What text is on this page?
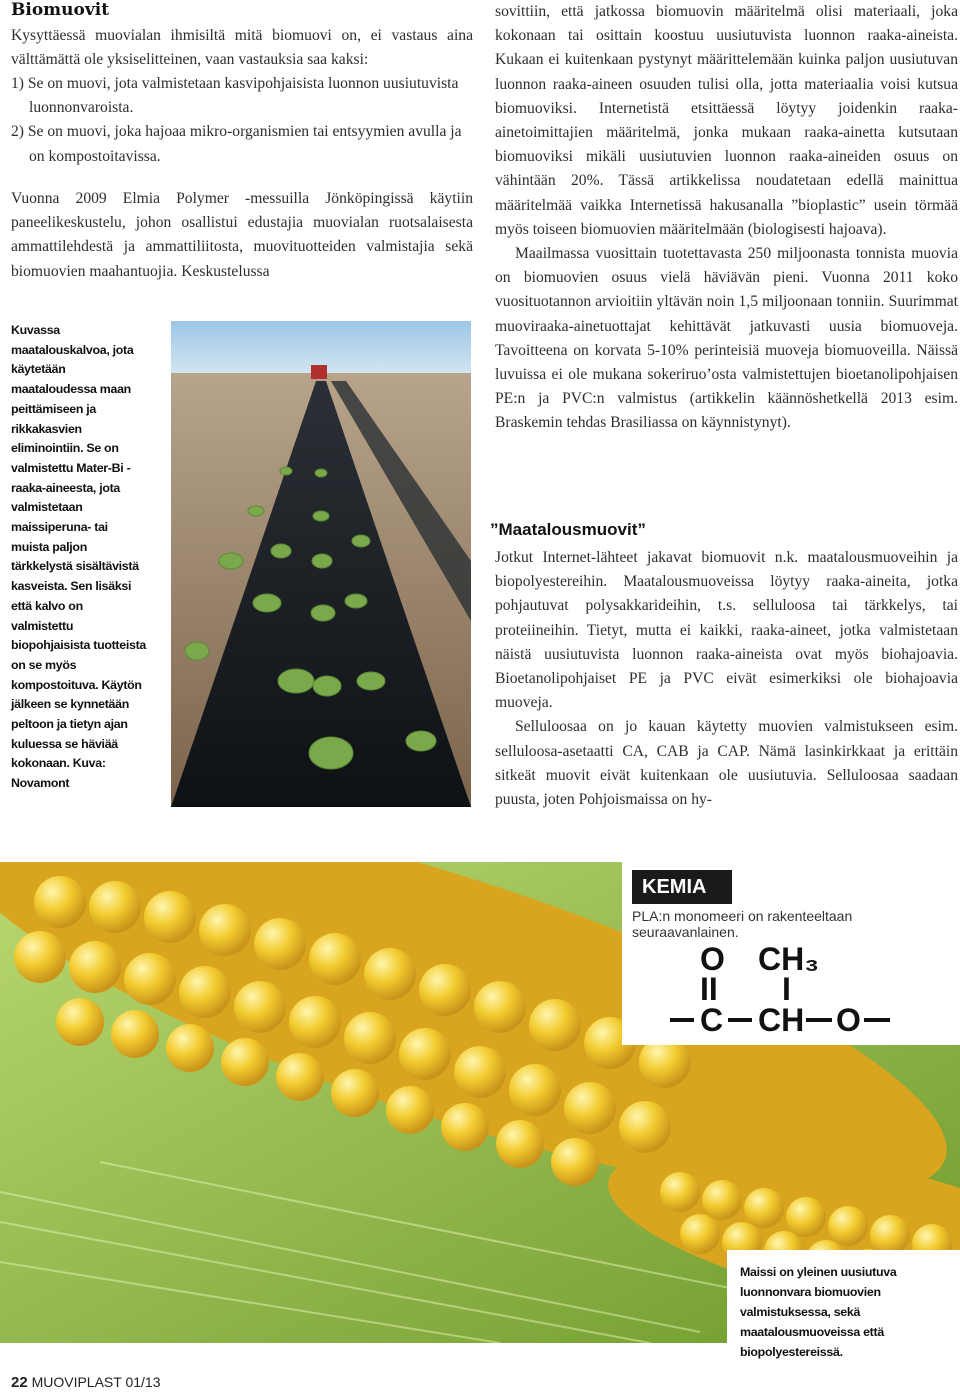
Biomuovit

Kysyttäessä muovialan ihmisiltä mitä biomuovi on, ei vastaus aina välttämättä ole yksiselitteinen, vaan vastauksia saa kaksi:

1) Se on muovi, jota valmistetaan kasvipohjaisista luonnon uusiutuvista luonnonvaroista.
2) Se on muovi, joka hajoaa mikro-organismien tai entsyymien avulla ja on kompostoitavissa.

Vuonna 2009 Elmia Polymer -messuilla Jönköpingissä käytiin paneelikeskustelu, johon osallistui edustajia muovialan ruotsalaisesta ammattilehdestä ja ammattiliitosta, muovituotteiden valmistajia sekä biomuovien maahantuojia. Keskustelussa

Kuvassa maatalouskalvoa, jota käytetään maataloudessa maan peittämiseen ja rikkakasvien eliminointiin. Se on valmistettu Mater-Bi -raaka-aineesta, jota valmistetaan maissiperuna- tai muista paljon tärkkelystä sisältävistä kasveista. Sen lisäksi että kalvo on valmistettu biopohjaisista tuotteista on se myös kompostoituva. Käytön jälkeen se kynnetään peltoon ja tietyn ajan kuluessa se häviää kokonaan. Kuva: Novamont

sovittiin, että jatkossa biomuovin määritelmä olisi materiaali, joka kokonaan tai osittain koostuu uusiutuvista luonnon raaka-aineista. Kukaan ei kuitenkaan pystynyt määrittelemään kuinka paljon uusiutuvan luonnon raaka-aineen osuuden tulisi olla, jotta materiaalia voisi kutsua biomuoviksi. Internetistä etsittäessä löytyy joidenkin raaka-ainetoimittajien määritelmä, jonka mukaan raaka-ainetta kutsutaan biomuoviksi mikäli uusiutuvien luonnon raaka-aineiden osuus on vähintään 20%. Tässä artikkelissa noudatetaan edellä mainittua määritelmää vaikka Internetissä hakusanalla ”bioplastic” usein törmää myös toiseen biomuovien määritelmään (biologisesti hajoava).

Maailmassa vuosittain tuotettavasta 250 miljoonasta tonnista muovia on biomuovien osuus vielä häviävän pieni. Vuonna 2011 koko vuosituotannon arvioitiin yltävän noin 1,5 miljoonaan tonniin. Suurimmat muoviraaka-ainetuottajat kehittävät jatkuvasti uusia biomuoveja. Tavoitteena on korvata 5-10% perinteisiä muoveja biomuoveilla. Näissä luvuissa ei ole mukana sokeriruo’osta valmistettujen bioetanolipohjaisen PE:n ja PVC:n valmistus (artikkelin käännöshetkellä 2013 esim. Braskemin tehdas Brasiliassa on käynnistynyt).

”Maatalousmuovit”

Jotkut Internet-lähteet jakavat biomuovit n.k. maatalousmuoveihin ja biopolyestereihin. Maatalousmuoveissa löytyy raaka-aineita, jotka pohjautuvat polysakkarideihin, t.s. selluloosa tai tärkkelys, tai proteiineihin. Tietyt, mutta ei kaikki, raaka-aineet, jotka valmistetaan näistä uusiutuvista luonnon raaka-aineista ovat myös biohajoavia. Bioetanolipohjaiset PE ja PVC eivät esimerkiksi ole biohajoavia muoveja.

Selluloosaa on jo kauan käytetty muovien valmistukseen esim. selluloosa-asetaatti CA, CAB ja CAP. Nämä lasinkirkkaat ja erittäin sitkeät muovit eivät kuitenkaan ole uusiutuvia. Selluloosaa saadaan puusta, joten Pohjoismaissa on hy-

KEMIA
PLA:n monomeeri on rakenteeltaan seuraavanlainen.
O CH₃
II I
C CH O

Maissi on yleinen uusiutuva luonnonvara biomuovien valmistuksessa, sekä maatalousmuoveissa että biopolyestereissä.

22 MUOVIPLAST 01/13
